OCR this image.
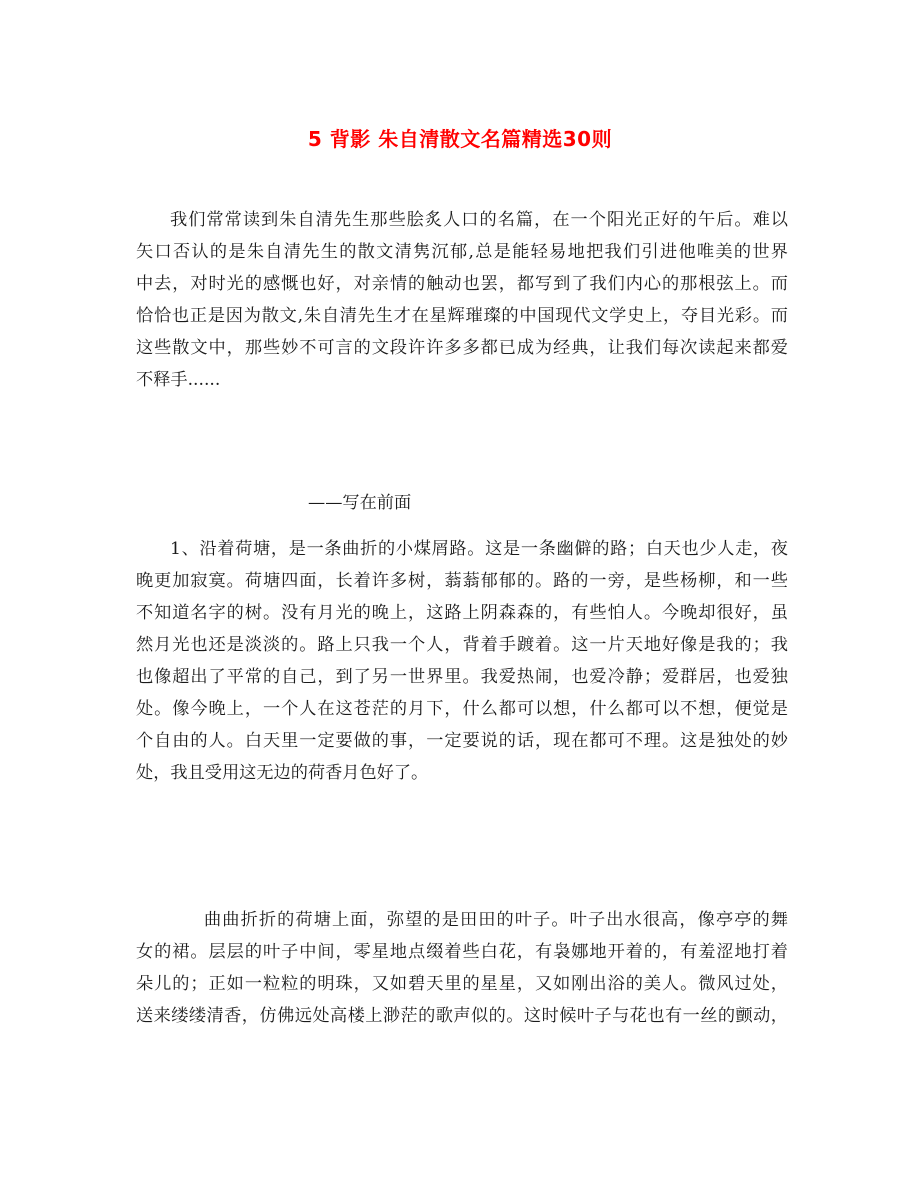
5 背影 朱自清散文名篇精选30则
我们常常读到朱自清先生那些脍炙人口的名篇，在一个阳光正好的午后。难以
矢口否认的是朱自清先生的散文清隽沉郁,总是能轻易地把我们引进他唯美的世界
中去，对时光的感慨也好，对亲情的触动也罢，都写到了我们内心的那根弦上。而
恰恰也正是因为散文,朱自清先生才在星辉璀璨的中国现代文学史上，夺目光彩。而
这些散文中，那些妙不可言的文段许许多多都已成为经典，让我们每次读起来都爱
不释手......
——写在前面
1、沿着荷塘，是一条曲折的小煤屑路。这是一条幽僻的路；白天也少人走，夜
晚更加寂寞。荷塘四面，长着许多树，蓊蓊郁郁的。路的一旁，是些杨柳，和一些
不知道名字的树。没有月光的晚上，这路上阴森森的，有些怕人。今晚却很好，虽
然月光也还是淡淡的。路上只我一个人，背着手踱着。这一片天地好像是我的；我
也像超出了平常的自己，到了另一世界里。我爱热闹，也爱冷静；爱群居，也爱独
处。像今晚上，一个人在这苍茫的月下，什么都可以想，什么都可以不想，便觉是
个自由的人。白天里一定要做的事，一定要说的话，现在都可不理。这是独处的妙
处，我且受用这无边的荷香月色好了。
曲曲折折的荷塘上面，弥望的是田田的叶子。叶子出水很高，像亭亭的舞
女的裙。层层的叶子中间，零星地点缀着些白花，有袅娜地开着的，有羞涩地打着
朵儿的；正如一粒粒的明珠，又如碧天里的星星，又如刚出浴的美人。微风过处，
送来缕缕清香，仿佛远处高楼上渺茫的歌声似的。这时候叶子与花也有一丝的颤动，
